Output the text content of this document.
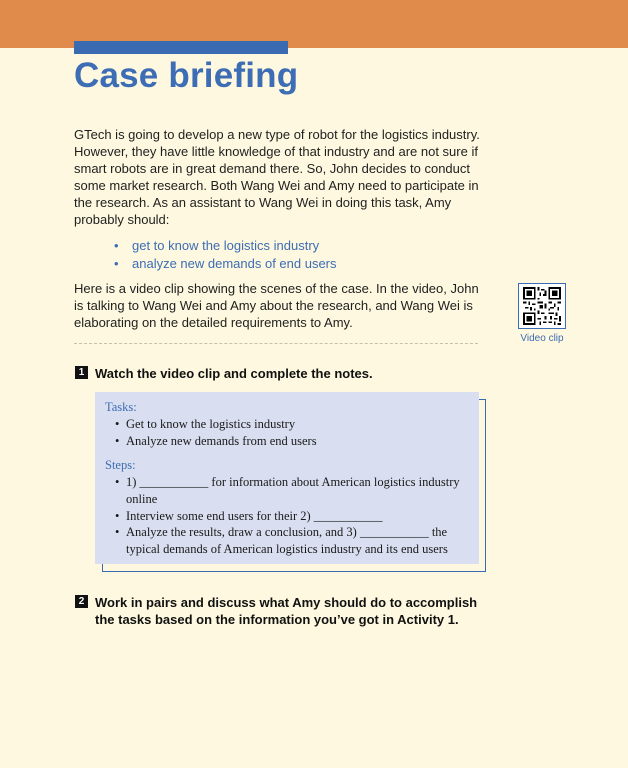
Case briefing

GTech is going to develop a new type of robot for the logistics industry. However, they have little knowledge of that industry and are not sure if smart robots are in great demand there. So, John decides to conduct some market research. Both Wang Wei and Amy need to participate in the research. As an assistant to Wang Wei in doing this task, Amy probably should:

• get to know the logistics industry
• analyze new demands of end users

Here is a video clip showing the scenes of the case. In the video, John is talking to Wang Wei and Amy about the research, and Wang Wei is elaborating on the detailed requirements to Amy.

Video clip
1 Watch the video clip and complete the notes.
Tasks:
• Get to know the logistics industry
• Analyze new demands from end users
Steps:
• 1) ___________ for information about American logistics industry online
• Interview some end users for their 2) ___________
• Analyze the results, draw a conclusion, and 3) ___________ the typical demands of American logistics industry and its end users
2 Work in pairs and discuss what Amy should do to accomplish the tasks based on the information you’ve got in Activity 1.
